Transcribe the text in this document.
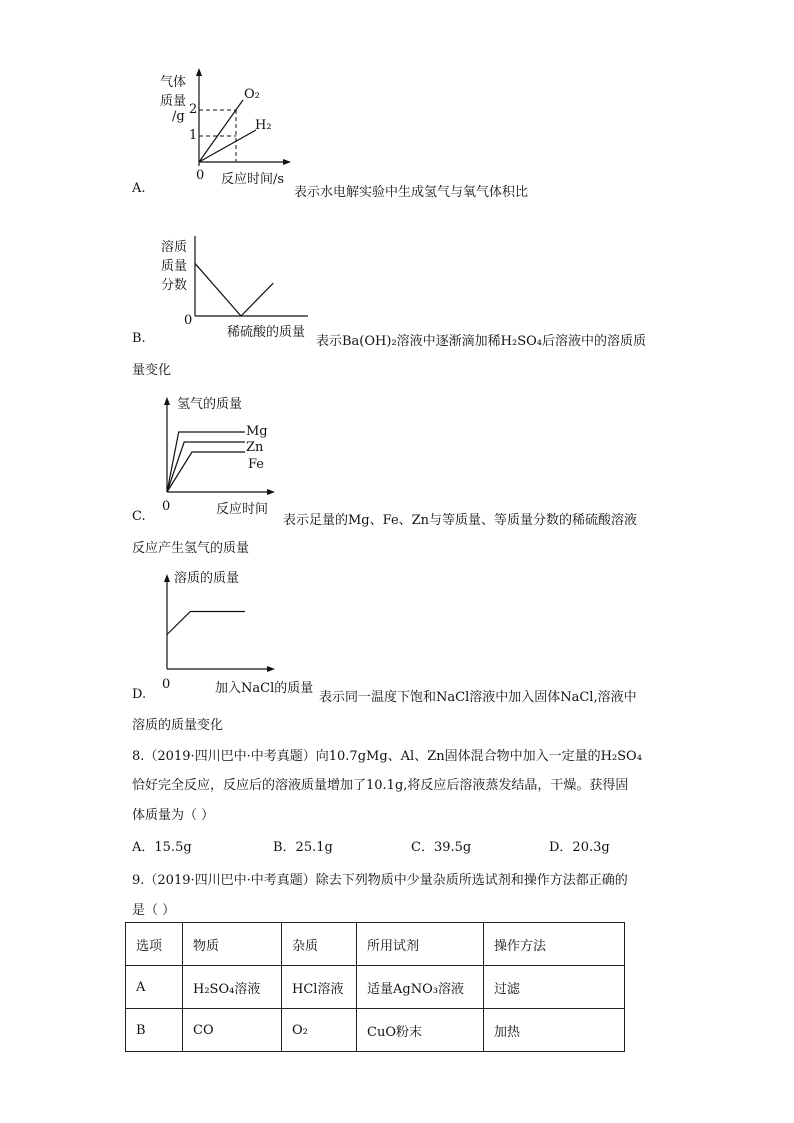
气体
质量
/g 2
1
O₂
H₂
0 反应时间/s
A.	表示水电解实验中生成氢气与氧气体积比
溶质
质量
分数
0
稀硫酸的质量
B.	表示Ba(OH)₂溶液中逐渐滴加稀H₂SO₄后溶液中的溶质质
量变化
氢气的质量
Mg
Zn
Fe
0	反应时间
C.	表示足量的Mg、Fe、Zn与等质量、等质量分数的稀硫酸溶液
反应产生氢气的质量
溶质的质量
0	加入NaCl的质量
D.	表示同一温度下饱和NaCl溶液中加入固体NaCl,溶液中
溶质的质量变化
8.（2019·四川巴中·中考真题）向10.7gMg、Al、Zn固体混合物中加入一定量的H₂SO₄
恰好完全反应，反应后的溶液质量增加了10.1g,将反应后溶液蒸发结晶，干燥。获得固
体质量为（ ）
A．15.5g	B．25.1g	C．39.5g	D．20.3g
9.（2019·四川巴中·中考真题）除去下列物质中少量杂质所选试剂和操作方法都正确的
是（ ）
选项	物质	杂质	所用试剂	操作方法
A	H₂SO₄溶液	HCl溶液	适量AgNO₃溶液	过滤
B	CO	O₂	CuO粉末	加热
